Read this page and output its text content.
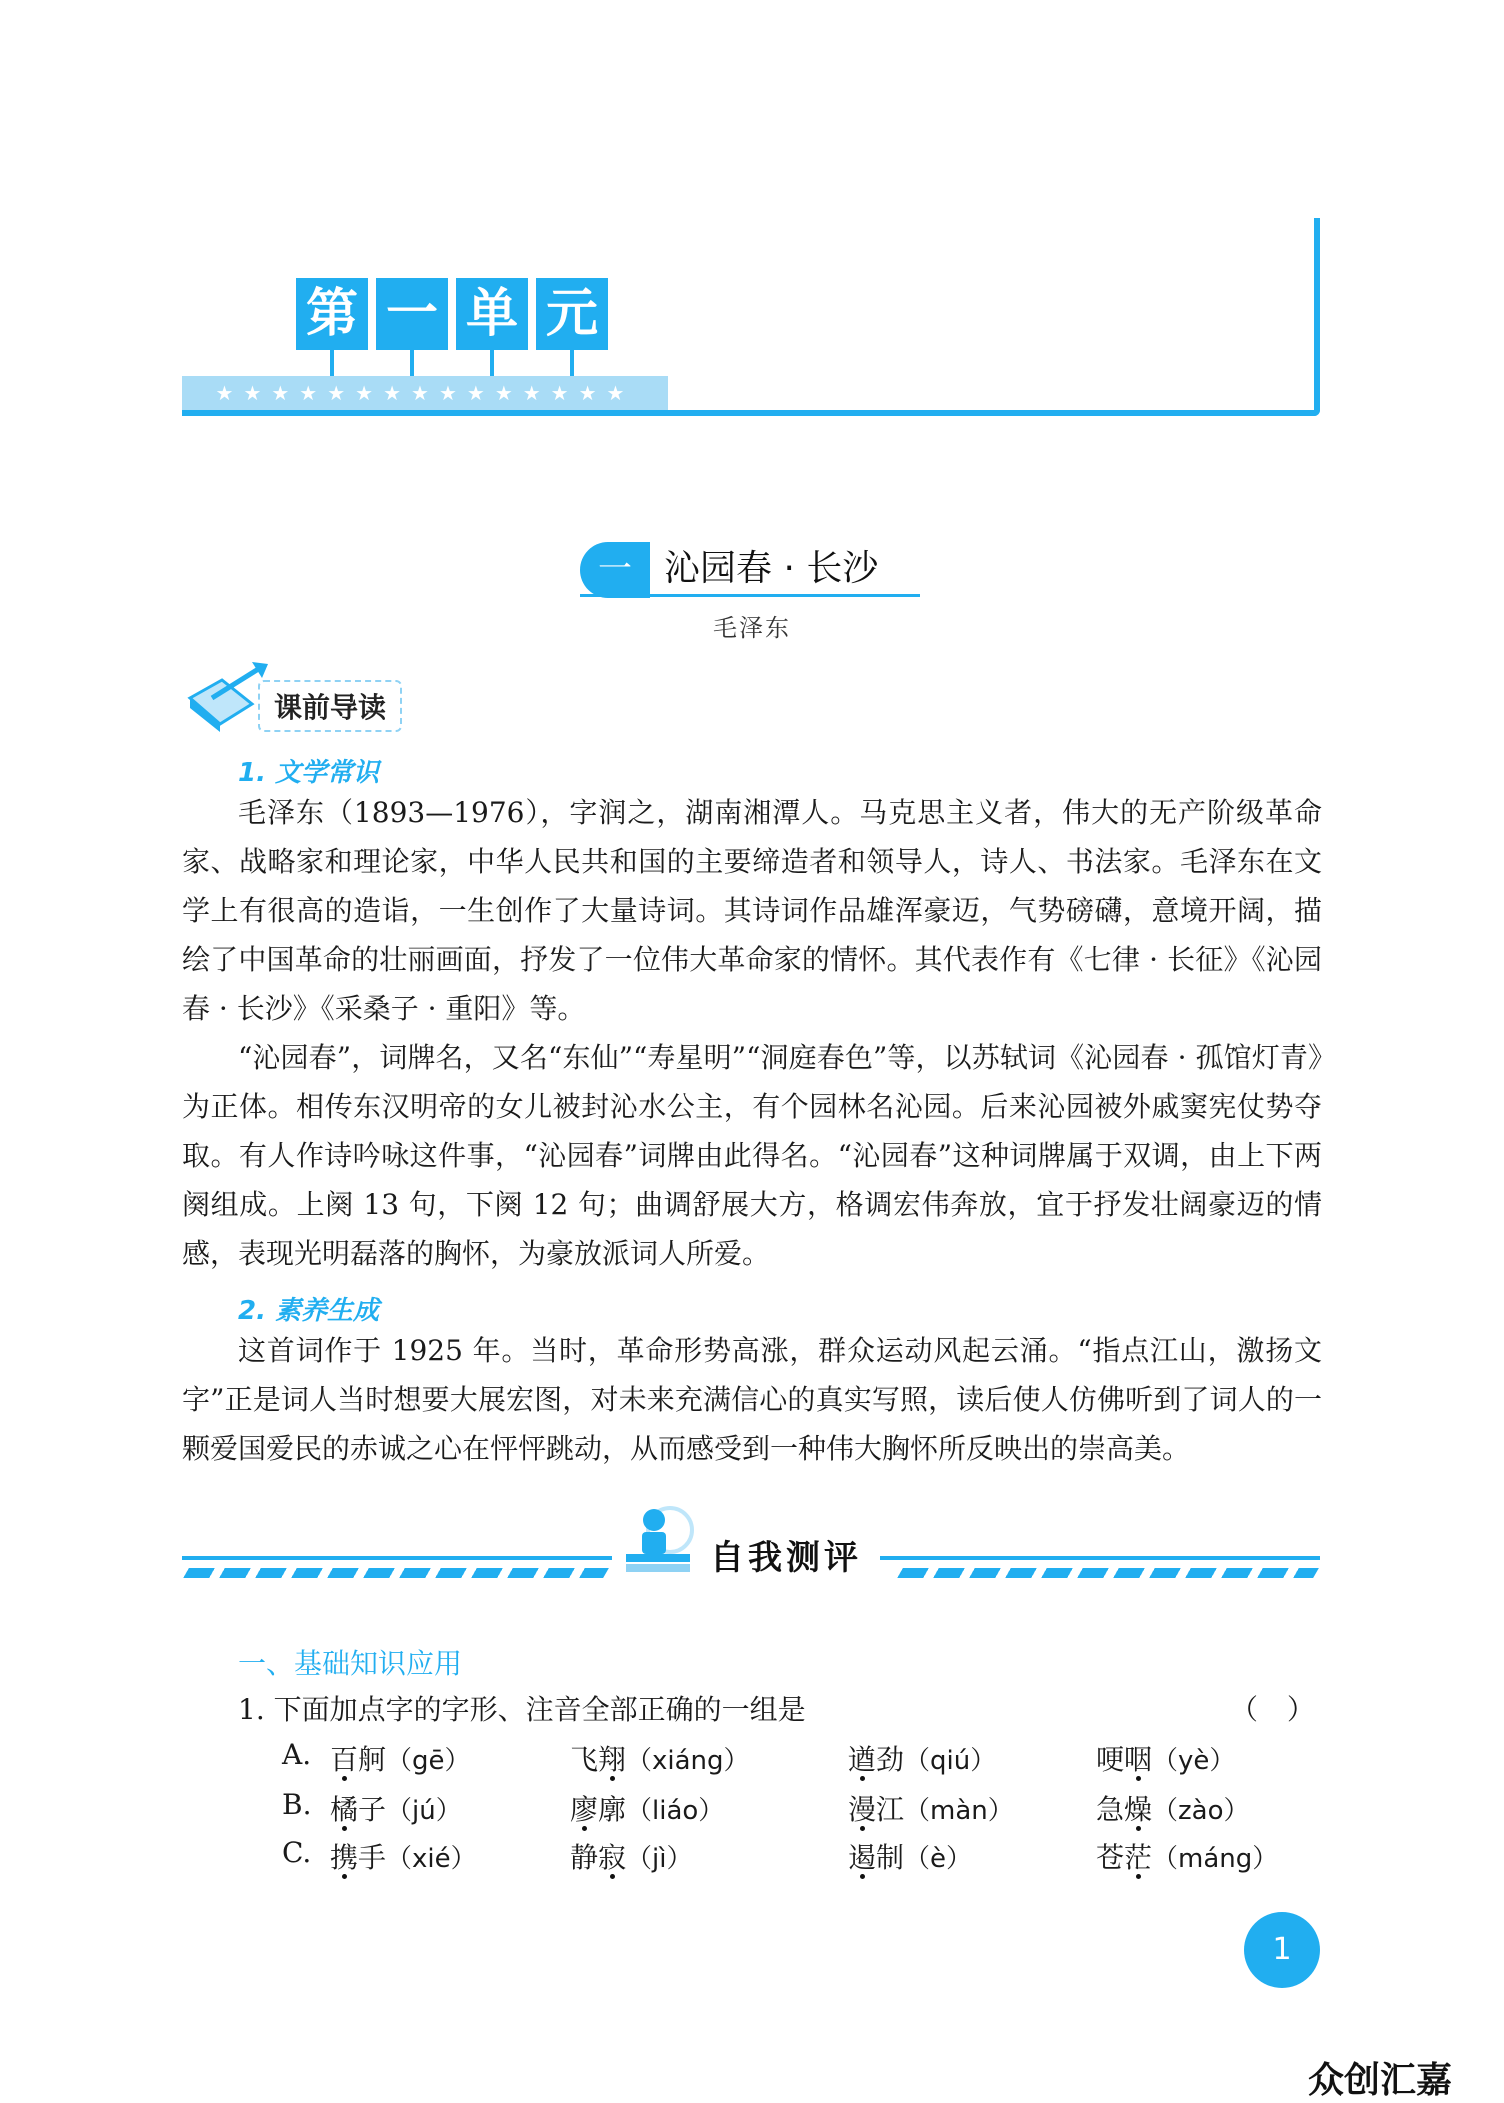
第 一 单 元
★★★★★★★★★★★★★★★
一 沁园春 · 长沙
毛泽东
课前导读
1. 文学常识

毛泽东（1893—1976），字润之，湖南湘潭人。马克思主义者，伟大的无产阶级革命家、战略家和理论家，中华人民共和国的主要缔造者和领导人，诗人、书法家。毛泽东在文学上有很高的造诣，一生创作了大量诗词。其诗词作品雄浑豪迈，气势磅礴，意境开阔，描绘了中国革命的壮丽画面，抒发了一位伟大革命家的情怀。其代表作有《七律 · 长征》《沁园春 · 长沙》《采桑子 · 重阳》等。

“沁园春”，词牌名，又名“东仙”“寿星明”“洞庭春色”等，以苏轼词《沁园春 · 孤馆灯青》为正体。相传东汉明帝的女儿被封沁水公主，有个园林名沁园。后来沁园被外戚窦宪仗势夺取。有人作诗吟咏这件事，“沁园春”词牌由此得名。“沁园春”这种词牌属于双调，由上下两阕组成。上阕 13 句，下阕 12 句；曲调舒展大方，格调宏伟奔放，宜于抒发壮阔豪迈的情感，表现光明磊落的胸怀，为豪放派词人所爱。

2. 素养生成

这首词作于 1925 年。当时，革命形势高涨，群众运动风起云涌。“指点江山，激扬文字”正是词人当时想要大展宏图，对未来充满信心的真实写照，读后使人仿佛听到了词人的一颗爱国爱民的赤诚之心在怦怦跳动，从而感受到一种伟大胸怀所反映出的崇高美。

自我测评
一、基础知识应用
1. 下面加点字的字形、注音全部正确的一组是	（ ）
A. 百舸（gē）	飞翔（xiáng）	遒劲（qiú）	哽咽（yè）
B. 橘子（jú）	廖廓（liáo）	漫江（màn）	急燥（zào）
C. 携手（xié）	静寂（jì）	遏制（è）	苍茫（máng）
1
众创汇嘉
